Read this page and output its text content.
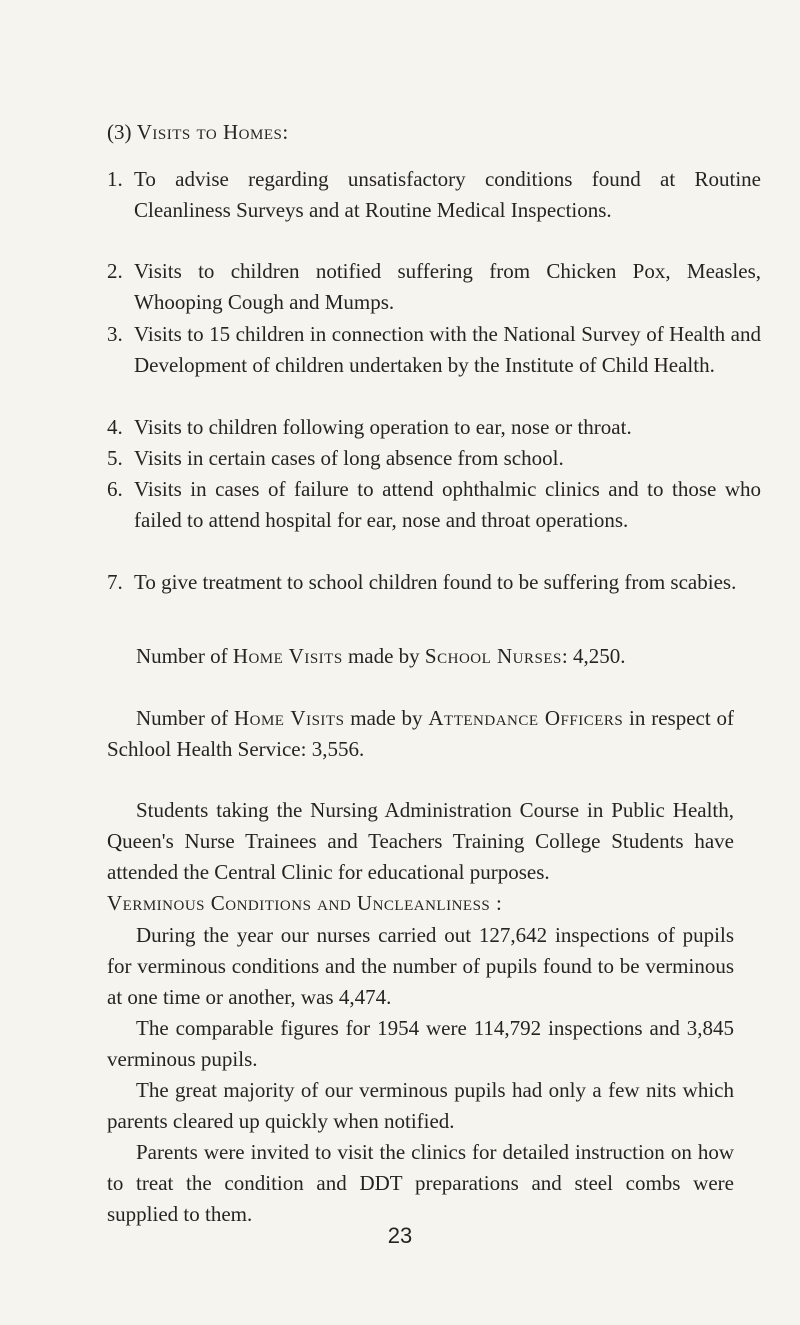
(3) Visits to Homes:
1. To advise regarding unsatisfactory conditions found at Routine Cleanliness Surveys and at Routine Medical Inspections.
2. Visits to children notified suffering from Chicken Pox, Measles, Whooping Cough and Mumps.
3. Visits to 15 children in connection with the National Survey of Health and Development of children undertaken by the Institute of Child Health.
4. Visits to children following operation to ear, nose or throat.
5. Visits in certain cases of long absence from school.
6. Visits in cases of failure to attend ophthalmic clinics and to those who failed to attend hospital for ear, nose and throat operations.
7. To give treatment to school children found to be suffering from scabies.
Number of Home Visits made by School Nurses: 4,250.
Number of Home Visits made by Attendance Officers in respect of Schlool Health Service: 3,556.
Students taking the Nursing Administration Course in Public Health, Queen's Nurse Trainees and Teachers Training College Students have attended the Central Clinic for educational purposes.
Verminous Conditions and Uncleanliness :
During the year our nurses carried out 127,642 inspections of pupils for verminous conditions and the number of pupils found to be verminous at one time or another, was 4,474.
The comparable figures for 1954 were 114,792 inspections and 3,845 verminous pupils.
The great majority of our verminous pupils had only a few nits which parents cleared up quickly when notified.
Parents were invited to visit the clinics for detailed instruction on how to treat the condition and DDT preparations and steel combs were supplied to them.
23
